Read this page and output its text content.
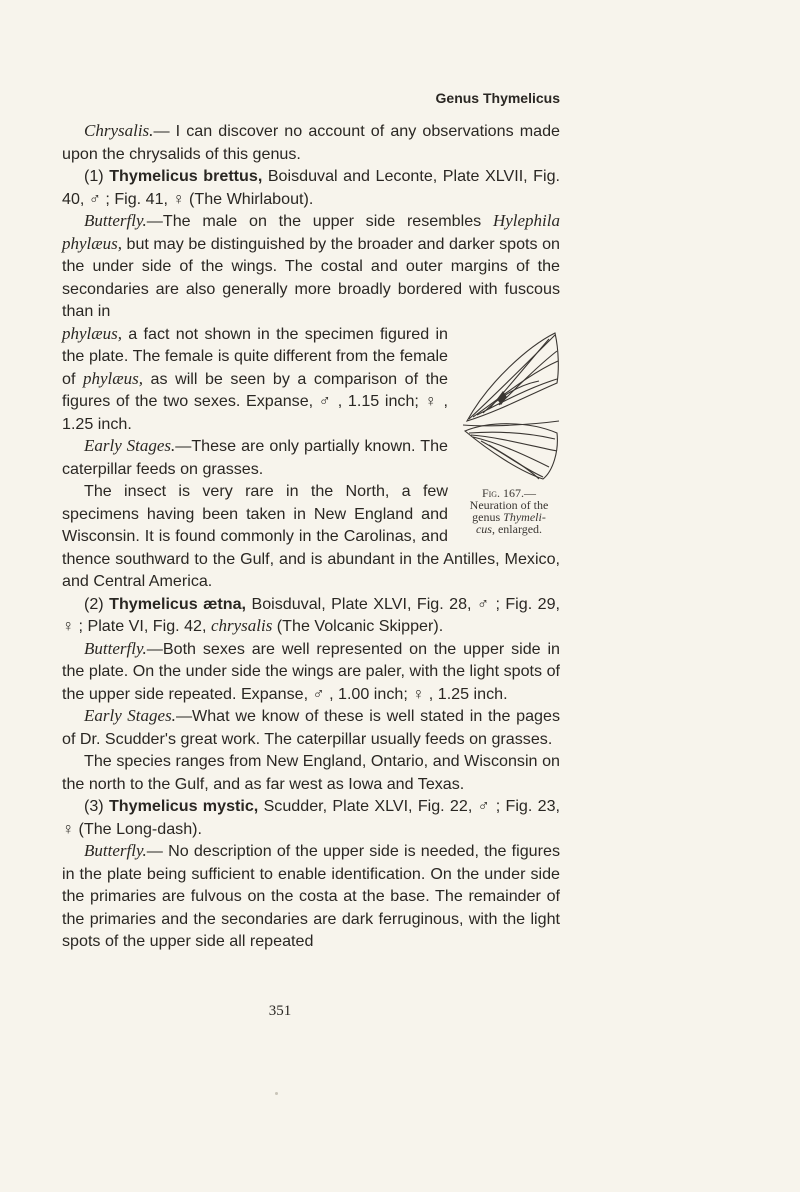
Genus Thymelicus

Chrysalis.— I can discover no account of any observations made upon the chrysalids of this genus.

(1) Thymelicus brettus, Boisduval and Leconte, Plate XLVII, Fig. 40, ♂ ; Fig. 41, ♀ (The Whirlabout).

Butterfly.—The male on the upper side resembles Hylephila phylæus, but may be distinguished by the broader and darker spots on the under side of the wings. The costal and outer margins of the secondaries are also generally more broadly bordered with fuscous than in

Fig. 167.—
Neuration of the
genus Thymeli-
cus, enlarged.
phylæus, a fact not shown in the specimen figured in the plate. The female is quite different from the female of phylæus, as will be seen by a comparison of the figures of the two sexes. Expanse, ♂ , 1.15 inch; ♀ , 1.25 inch.

Early Stages.—These are only partially known. The caterpillar feeds on grasses.

The insect is very rare in the North, a few specimens having been taken in New England and Wisconsin. It is found commonly in the Carolinas, and thence southward to the Gulf, and is abundant in the Antilles, Mexico, and Central America.

(2) Thymelicus ætna, Boisduval, Plate XLVI, Fig. 28, ♂ ; Fig. 29, ♀ ; Plate VI, Fig. 42, chrysalis (The Volcanic Skipper).

Butterfly.—Both sexes are well represented on the upper side in the plate. On the under side the wings are paler, with the light spots of the upper side repeated. Expanse, ♂ , 1.00 inch; ♀ , 1.25 inch.

Early Stages.—What we know of these is well stated in the pages of Dr. Scudder's great work. The caterpillar usually feeds on grasses.

The species ranges from New England, Ontario, and Wisconsin on the north to the Gulf, and as far west as Iowa and Texas.

(3) Thymelicus mystic, Scudder, Plate XLVI, Fig. 22, ♂ ; Fig. 23, ♀ (The Long-dash).

Butterfly.— No description of the upper side is needed, the figures in the plate being sufficient to enable identification. On the under side the primaries are fulvous on the costa at the base. The remainder of the primaries and the secondaries are dark ferruginous, with the light spots of the upper side all repeated

351
